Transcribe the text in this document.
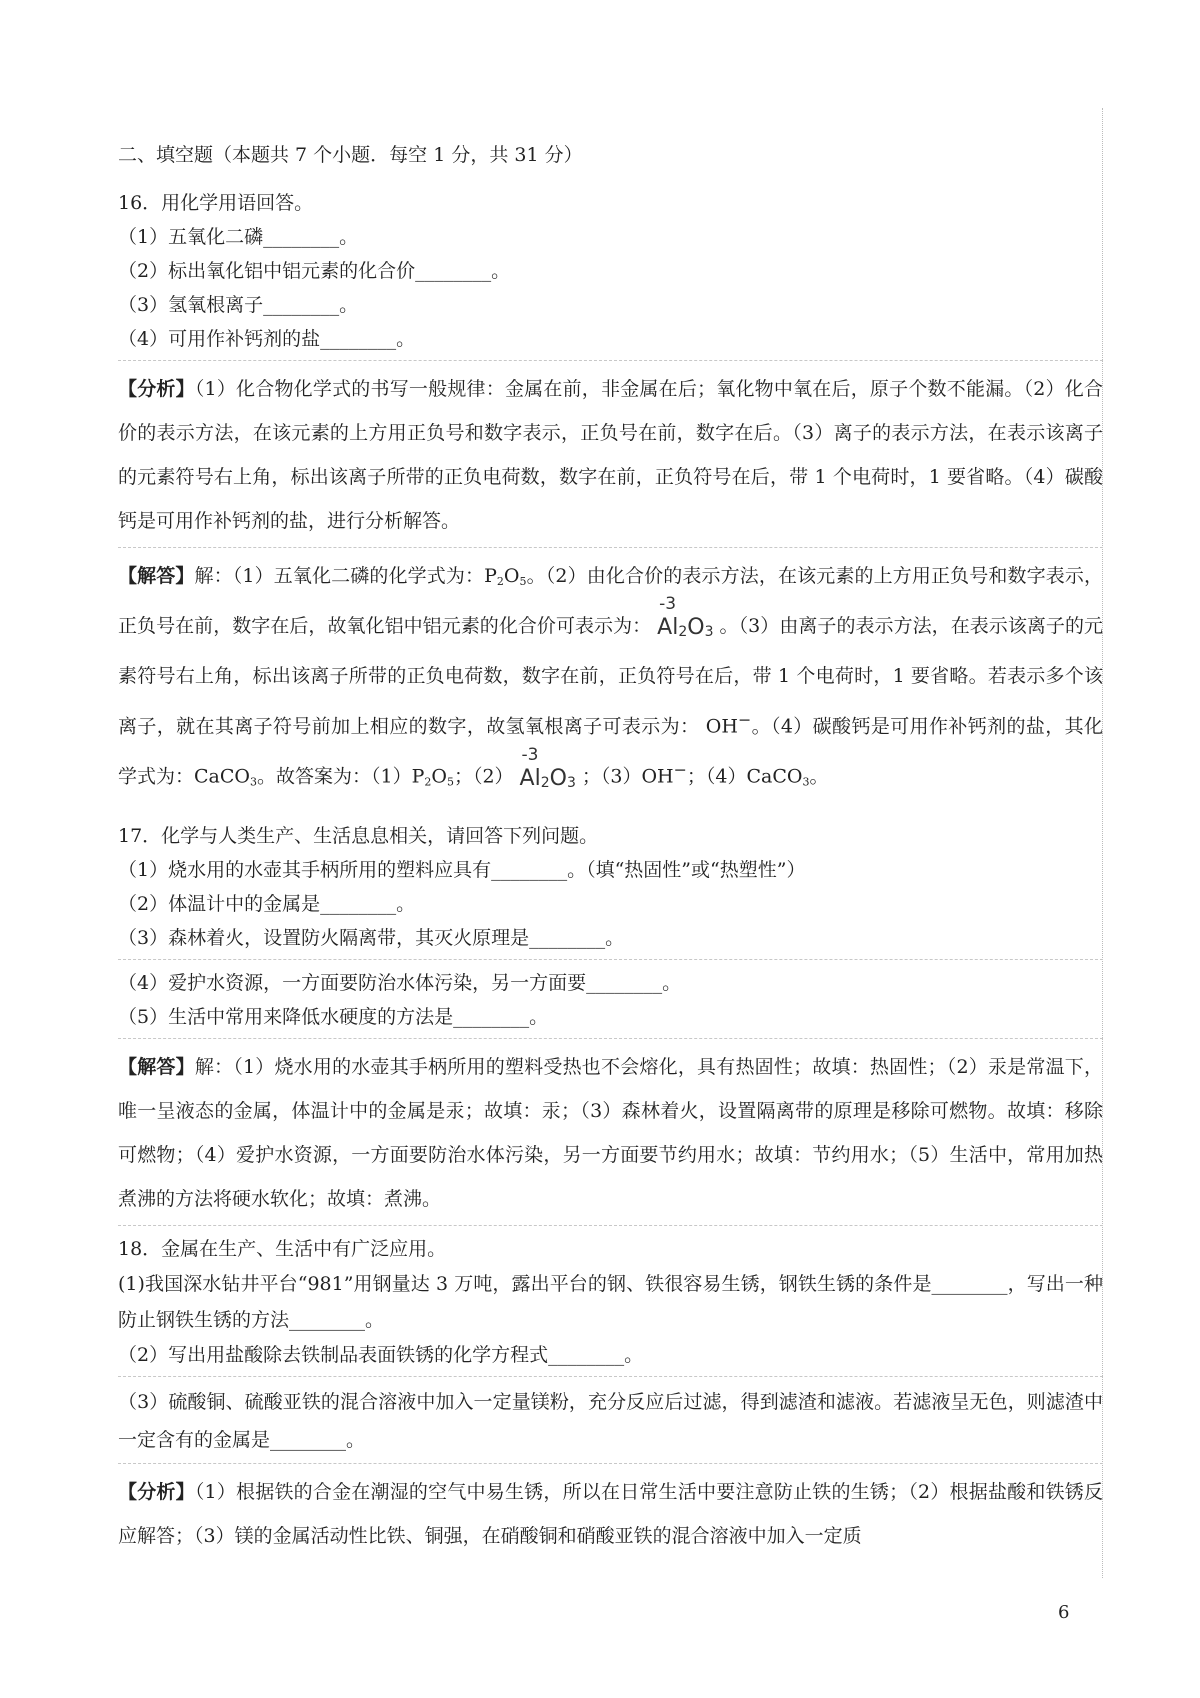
二、填空题（本题共 7 个小题．每空 1 分，共 31 分）
16．用化学用语回答。
（1）五氧化二磷________。
（2）标出氧化铝中铝元素的化合价________。
（3）氢氧根离子________。
（4）可用作补钙剂的盐________。

【分析】（1）化合物化学式的书写一般规律：金属在前，非金属在后；氧化物中氧在后，原子个数不能漏。（2）化合价的表示方法，在该元素的上方用正负号和数字表示，正负号在前，数字在后。（3）离子的表示方法，在表示该离子的元素符号右上角，标出该离子所带的正负电荷数，数字在前，正负符号在后，带 1 个电荷时，1 要省略。（4）碳酸钙是可用作补钙剂的盐，进行分析解答。

【解答】解：（1）五氧化二磷的化学式为：$P_2O_5$。（2）由化合价的表示方法，在该元素的上方用正负号和数字表示，正负号在前，数字在后，故氧化铝中铝元素的化合价可表示为：
-3
$Al_2O_3$ 。（3）由离子的表示方法，在表示该离子的元素符号右上角，标出该离子所带的正负电荷数，数字在前，正负符号在后，带 1 个电荷时，1 要省略。若表示多个该离子，就在其离子符号前加上相应的数字，故氢氧根离子可表示为： OH−。（4）碳酸钙是可用作补钙剂的盐，其化学式为：CaCO$_3$。故答案为：$(1)P_2O_5$；（2）
-3
$Al_2O_3$ ；（3）OH−；（4）CaCO$_3$。

17．化学与人类生产、生活息息相关，请回答下列问题。
（1）烧水用的水壶其手柄所用的塑料应具有________。（填“热固性”或“热塑性”）
（2）体温计中的金属是________。
（3）森林着火，设置防火隔离带，其灭火原理是________。
（4）爱护水资源，一方面要防治水体污染，另一方面要________。
（5）生活中常用来降低水硬度的方法是________。

【解答】解：（1）烧水用的水壶其手柄所用的塑料受热也不会熔化，具有热固性；故填：热固性；（2）汞是常温下，唯一呈液态的金属，体温计中的金属是汞；故填：汞；（3）森林着火，设置隔离带的原理是移除可燃物。故填：移除可燃物；（4）爱护水资源，一方面要防治水体污染，另一方面要节约用水；故填：节约用水；（5）生活中，常用加热煮沸的方法将硬水软化；故填：煮沸。

18．金属在生产、生活中有广泛应用。

(1)我国深水钻井平台“981”用钢量达 3 万吨，露出平台的钢、铁很容易生锈，钢铁生锈的条件是________，写出一种防止钢铁生锈的方法________。

（2）写出用盐酸除去铁制品表面铁锈的化学方程式________。

（3）硫酸铜、硫酸亚铁的混合溶液中加入一定量镁粉，充分反应后过滤，得到滤渣和滤液。若滤液呈无色，则滤渣中一定含有的金属是________。

【分析】（1）根据铁的合金在潮湿的空气中易生锈，所以在日常生活中要注意防止铁的生锈；（2）根据盐酸和铁锈反应解答；（3）镁的金属活动性比铁、铜强，在硝酸铜和硝酸亚铁的混合溶液中加入一定质

6
